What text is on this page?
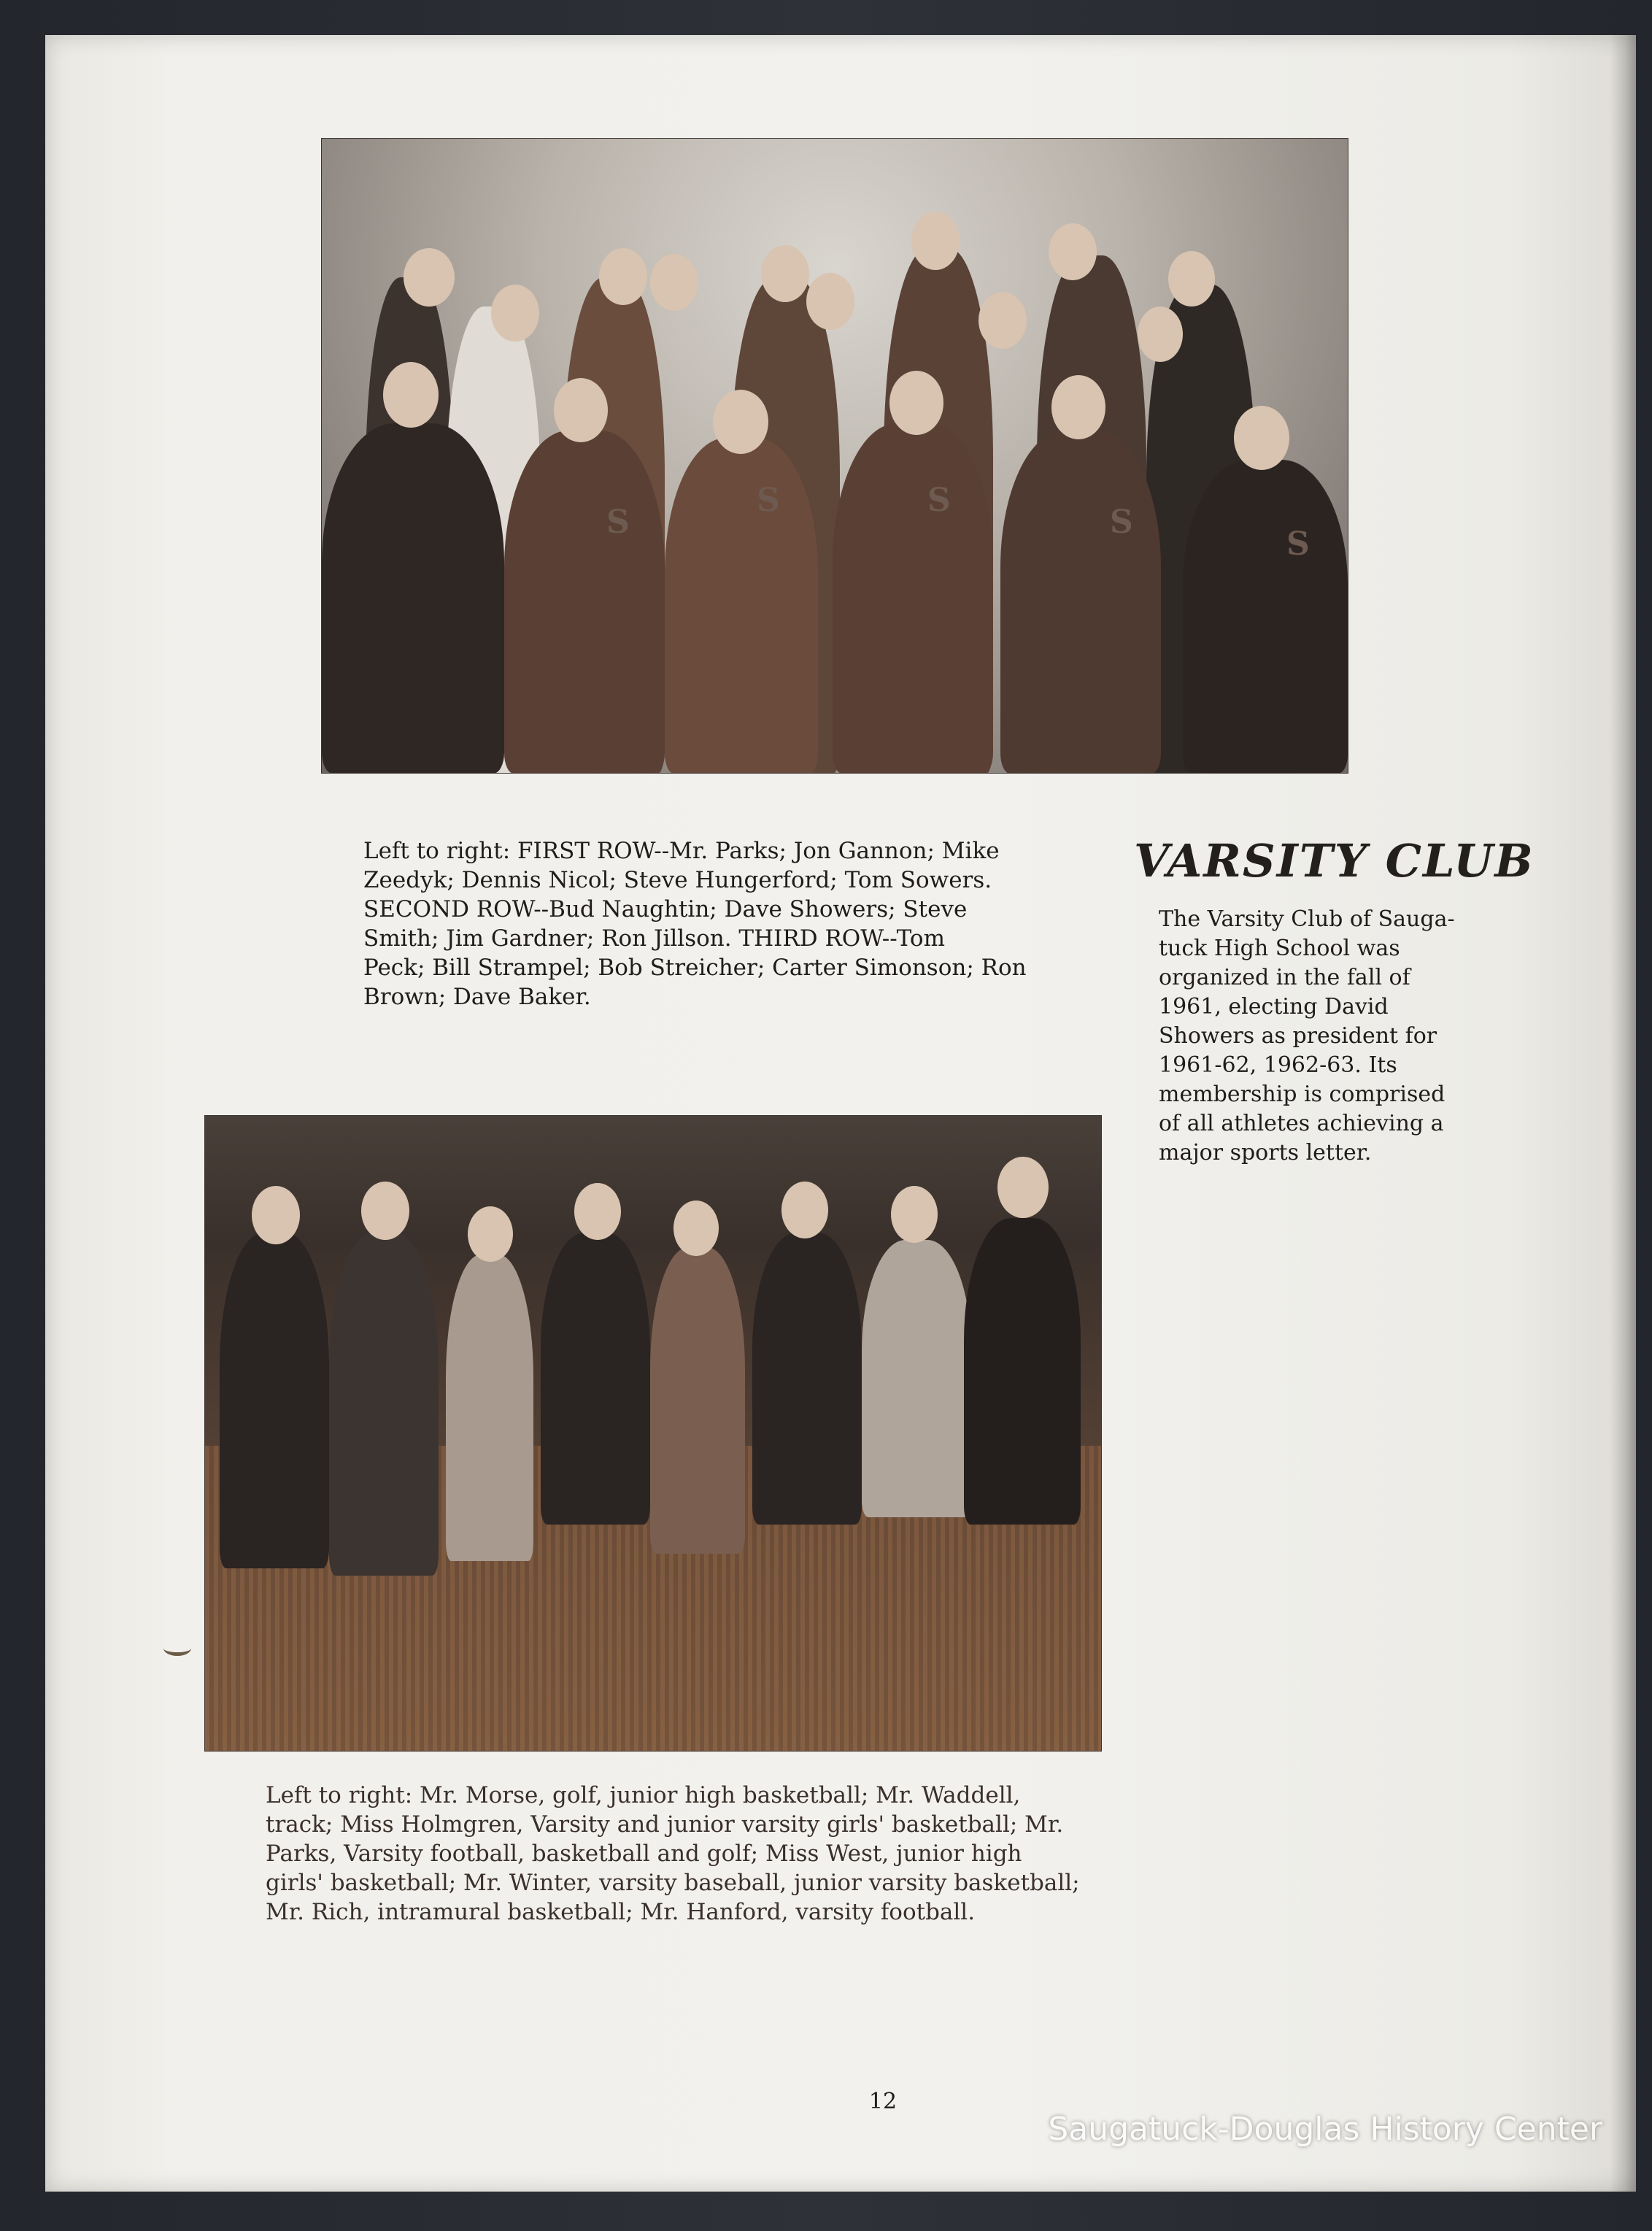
S
S	S
S
S

Left to right: FIRST ROW--Mr. Parks; Jon Gannon; Mike
Zeedyk; Dennis Nicol; Steve Hungerford; Tom Sowers.
SECOND ROW--Bud Naughtin; Dave Showers; Steve
Smith; Jim Gardner; Ron Jillson. THIRD ROW--Tom
Peck; Bill Strampel; Bob Streicher; Carter Simonson; Ron
Brown; Dave Baker.

VARSITY CLUB

The Varsity Club of Sauga-
tuck High School was
organized in the fall of
1961, electing David
Showers as president for
1961-62, 1962-63. Its
membership is comprised
of all athletes achieving a
major sports letter.

Left to right: Mr. Morse, golf, junior high basketball; Mr. Waddell,
track; Miss Holmgren, Varsity and junior varsity girls' basketball; Mr.
Parks, Varsity football, basketball and golf; Miss West, junior high
girls' basketball; Mr. Winter, varsity baseball, junior varsity basketball;
Mr. Rich, intramural basketball; Mr. Hanford, varsity football.

12
Saugatuck-Douglas History Center
